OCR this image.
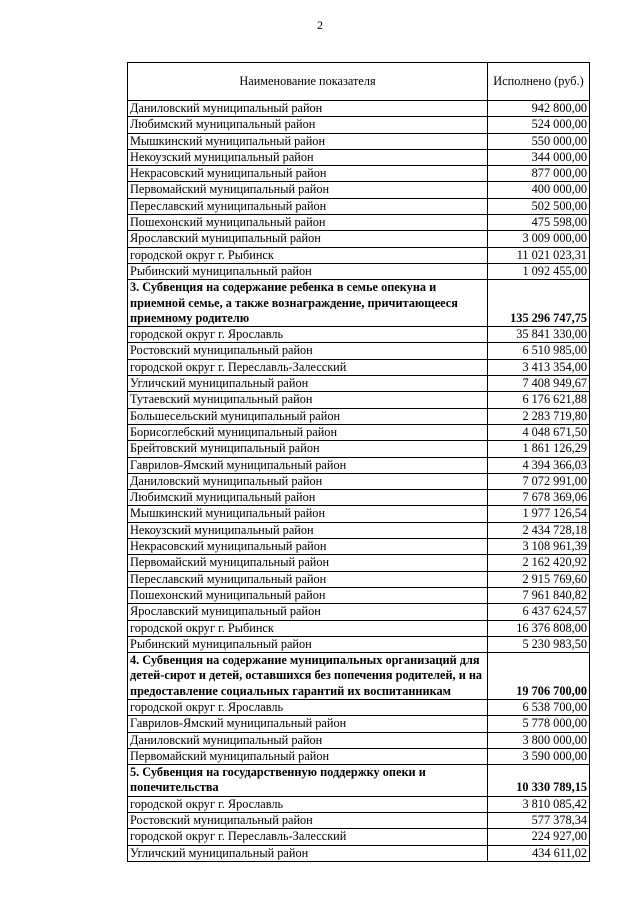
2
Наименование показателя	Исполнено (руб.)
Даниловский муниципальный район	942 800,00
Любимский муниципальный район	524 000,00
Мышкинский муниципальный район	550 000,00
Некоузский муниципальный район	344 000,00
Некрасовский муниципальный район	877 000,00
Первомайский муниципальный район	400 000,00
Переславский муниципальный район	502 500,00
Пошехонский муниципальный район	475 598,00
Ярославский муниципальный район	3 009 000,00
городской округ г. Рыбинск	11 021 023,31
Рыбинский муниципальный район	1 092 455,00
3. Субвенция на содержание ребенка в семье опекуна и приемной семье, а также вознаграждение, причитающееся приемному родителю	135 296 747,75
городской округ г. Ярославль	35 841 330,00
Ростовский муниципальный район	6 510 985,00
городской округ г. Переславль-Залесский	3 413 354,00
Угличский муниципальный район	7 408 949,67
Тутаевский муниципальный район	6 176 621,88
Большесельский муниципальный район	2 283 719,80
Борисоглебский муниципальный район	4 048 671,50
Брейтовский муниципальный район	1 861 126,29
Гаврилов-Ямский муниципальный район	4 394 366,03
Даниловский муниципальный район	7 072 991,00
Любимский муниципальный район	7 678 369,06
Мышкинский муниципальный район	1 977 126,54
Некоузский муниципальный район	2 434 728,18
Некрасовский муниципальный район	3 108 961,39
Первомайский муниципальный район	2 162 420,92
Переславский муниципальный район	2 915 769,60
Пошехонский муниципальный район	7 961 840,82
Ярославский муниципальный район	6 437 624,57
городской округ г. Рыбинск	16 376 808,00
Рыбинский муниципальный район	5 230 983,50
4. Субвенция на содержание муниципальных организаций для детей-сирот и детей, оставшихся без попечения родителей, и на предоставление социальных гарантий их воспитанникам	19 706 700,00
городской округ г. Ярославль	6 538 700,00
Гаврилов-Ямский муниципальный район	5 778 000,00
Даниловский муниципальный район	3 800 000,00
Первомайский муниципальный район	3 590 000,00
5. Субвенция на государственную поддержку опеки и попечительства	10 330 789,15
городской округ г. Ярославль	3 810 085,42
Ростовский муниципальный район	577 378,34
городской округ г. Переславль-Залесский	224 927,00
Угличский муниципальный район	434 611,02
